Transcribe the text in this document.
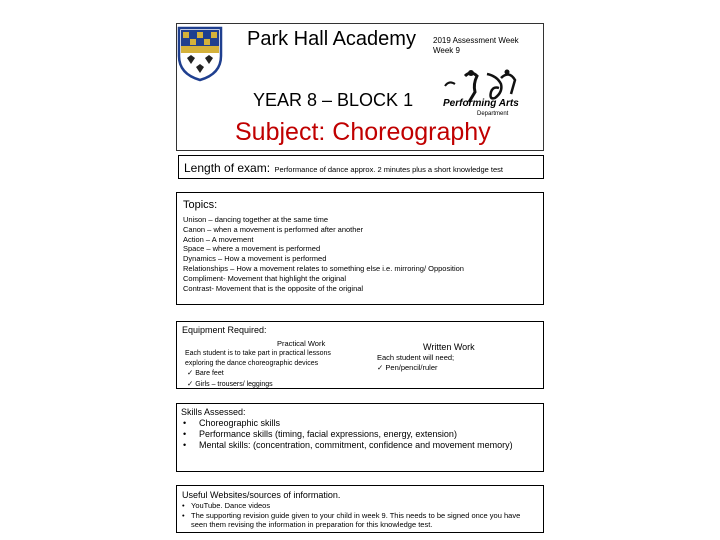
Park Hall Academy 2019 Assessment Week
Week 9
YEAR 8 – BLOCK 1
Subject: Choreography
Performing Arts
Department
Length of exam: Performance of dance approx. 2 minutes plus a short knowledge test
Topics:
Unison – dancing together at the same time
Canon – when a movement is performed after another
Action – A movement
Space – where a movement is performed
Dynamics – How a movement is performed
Relationships – How a movement relates to something else i.e. mirroring/ Opposition
Compliment- Movement that highlight the original
Contrast- Movement that is the opposite of the original
Equipment Required:
Practical Work
Each student is to take part in practical lessons exploring the dance choreographic devices
✓ Bare feet
✓ Girls – trousers/ leggings
Written Work
Each student will need;
✓ Pen/pencil/ruler
Skills Assessed:
•	Choreographic skills
•	Performance skills (timing, facial expressions, energy, extension)
•	Mental skills: (concentration, commitment, confidence and movement memory)
Useful Websites/sources of information.
• YouTube. Dance videos
• The supporting revision guide given to your child in week 9. This needs to be signed once you have seen them revising the information in preparation for this knowledge test.
